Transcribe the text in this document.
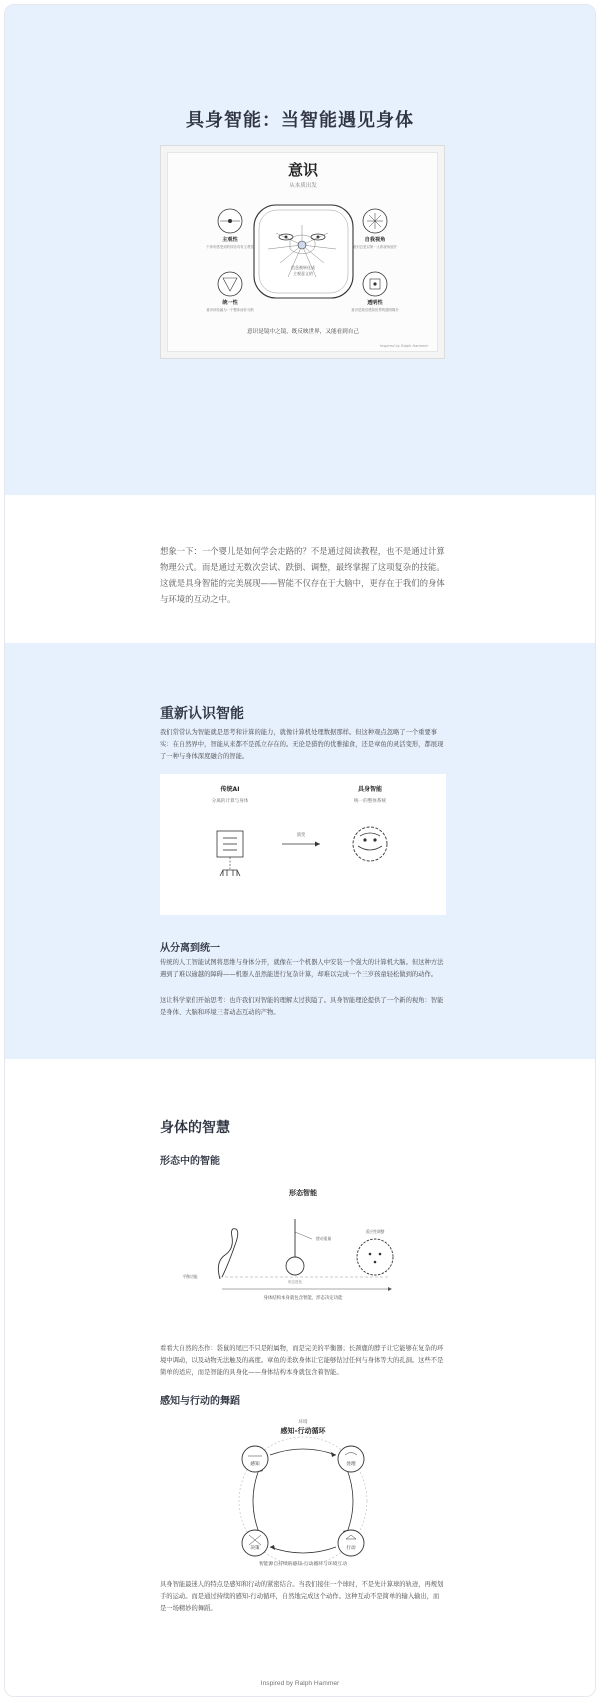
具身智能：当智能遇见身体
意识
从本质出发
信息被转化成
主观意义的
主观性
个体所感受到的体验具有主观性
自我视角
意识总是以第一人称视角展开
统一性
意识体验融为一个整体而非分散
透明性
意识是我们感知世界的透明媒介
意识是镜中之镜，既反映世界，又能看到自己
Inspired by Ralph Hammer

想象一下：一个婴儿是如何学会走路的？不是通过阅读教程，也不是通过计算物理公式。而是通过无数次尝试、跌倒、调整，最终掌握了这项复杂的技能。这就是具身智能的完美展现——智能不仅存在于大脑中，更存在于我们的身体与环境的互动之中。

重新认识智能

我们常常认为智能就是思考和计算的能力，就像计算机处理数据那样。但这种观点忽略了一个重要事实：在自然界中，智能从来都不是孤立存在的。无论是猎豹的优雅捕食，还是章鱼的灵活变形，都展现了一种与身体深度融合的智能。

传统AI
分离的计算与身体
具身智能
统一的整体系统
演变
从分离到统一

传统的人工智能试图将思维与身体分开，就像在一个机器人中安装一个强大的计算机大脑。但这种方法遇到了难以逾越的障碍——机器人虽然能进行复杂计算，却难以完成一个三岁孩童轻松做到的动作。

这让科学家们开始思考：也许我们对智能的理解太过狭隘了。具身智能理论提供了一个新的视角：智能是身体、大脑和环境三者动态互动的产物。

身体的智慧
形态中的智能
形态智能
平衡功能
摆动重量
形态进化
适应性调整
身体结构本身就包含智能，形态决定功能

看看大自然的杰作：袋鼠的尾巴不只是附属物，而是完美的平衡器；长颈鹿的脖子让它能够在复杂的环境中调动，以及动物无法触及的高度。章鱼的柔软身体让它能够钻过任何与身体等大的孔洞。这些不是简单的适应，而是智能的具身化——身体结构本身就包含着智能。

感知与行动的舞蹈
环境
感知-行动循环
感知	处理
行动
决策
智能源自持续的感知-行动循环与环境互动

具身智能最迷人的特点是感知和行动的紧密结合。当我们接住一个球时，不是先计算球的轨迹，再规划手的运动。而是通过持续的感知-行动循环，自然地完成这个动作。这种互动不是简单的输入输出，而是一场精妙的舞蹈。

Inspired by Ralph Hammer
